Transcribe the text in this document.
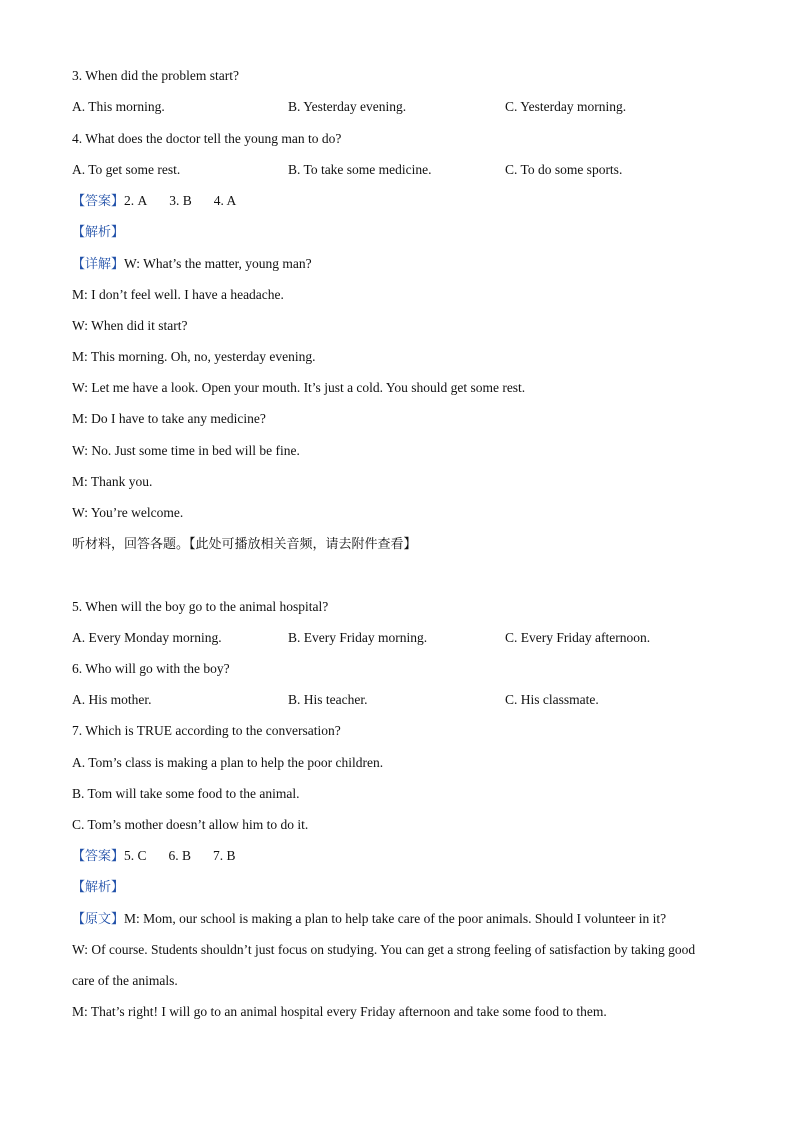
3. When did the problem start?
A. This morning.	B. Yesterday evening.	C. Yesterday morning.
4. What does the doctor tell the young man to do?
A. To get some rest.	B. To take some medicine.	C. To do some sports.
【答案】2. A 3. B 4. A
【解析】
【详解】W: What’s the matter, young man?
M: I don’t feel well. I have a headache.
W: When did it start?
M: This morning. Oh, no, yesterday evening.
W: Let me have a look. Open your mouth. It’s just a cold. You should get some rest.
M: Do I have to take any medicine?
W: No. Just some time in bed will be fine.
M: Thank you.
W: You’re welcome.
听材料，回答各题。【此处可播放相关音频，请去附件查看】
5. When will the boy go to the animal hospital?
A. Every Monday morning.	B. Every Friday morning.	C. Every Friday afternoon.
6. Who will go with the boy?
A. His mother.	B. His teacher.	C. His classmate.
7. Which is TRUE according to the conversation?
A. Tom’s class is making a plan to help the poor children.
B. Tom will take some food to the animal.
C. Tom’s mother doesn’t allow him to do it.
【答案】5. C 6. B 7. B
【解析】
【原文】M: Mom, our school is making a plan to help take care of the poor animals. Should I volunteer in it?
W: Of course. Students shouldn’t just focus on studying. You can get a strong feeling of satisfaction by taking good
care of the animals.
M: That’s right! I will go to an animal hospital every Friday afternoon and take some food to them.
